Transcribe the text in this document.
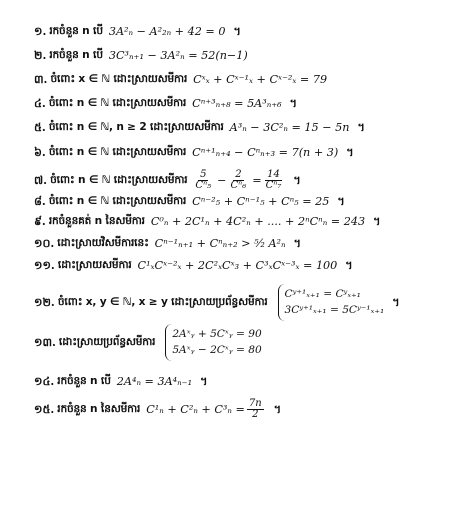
១. រកចំនួន n បើ 3A²ₙ − A²₂ₙ + 42 = 0 ។
២. រកចំនួន n បើ 3C³ₙ₊₁ − 3A²ₙ = 52(n−1)
៣. ចំពោះ x ∈ ℕ ដោះស្រាយសមីការ Cˣₓ + Cˣ⁻¹ₓ + Cˣ⁻²ₓ = 79
៤. ចំពោះ n ∈ ℕ ដោះស្រាយសមីការ Cⁿ⁺³ₙ₊₈ = 5A³ₙ₊₆ ។
៥. ចំពោះ n ∈ ℕ, n ≥ 2 ដោះស្រាយសមីការ A³ₙ − 3C²ₙ = 15 − 5n ។
៦. ចំពោះ n ∈ ℕ ដោះស្រាយសមីការ Cⁿ⁺¹ₙ₊₄ − Cⁿₙ₊₃ = 7(n + 3) ។
៧. ចំពោះ n ∈ ℕ ដោះស្រាយសមីការ $\frac{5}{\text{Cⁿ₅}} - \frac{2}{\text{Cⁿ₆}} = \frac{14}{\text{Cⁿ₇}}$ ។
៨. ចំពោះ n ∈ ℕ ដោះស្រាយសមីការ Cⁿ⁻²₅ + Cⁿ⁻¹₅ + Cⁿ₅ = 25 ។
៩. រកចំនួនគត់ n នៃសមីការ C⁰ₙ + 2C¹ₙ + 4C²ₙ + .... + 2ⁿCⁿₙ = 243 ។
១០. ដោះស្រាយវិសមីការនេះ Cⁿ⁻¹ₙ₊₁ + Cⁿₙ₊₂ > ⁵⁄₂ A²ₙ ។
១១. ដោះស្រាយសមីការ C¹ₓCˣ⁻²ₓ + 2C²ₓCˣ₃ + C³ₓCˣ⁻³ₓ = 100 ។
១២. ចំពោះ x, y ∈ ℕ, x ≥ y ដោះស្រាយប្រព័ន្ធសមីការ
Cʸ⁺¹ₓ₊₁ = Cʸₓ₊₁
3Cʸ⁺¹ₓ₊₁ = 5Cʸ⁻¹ₓ₊₁
។
១៣. ដោះស្រាយប្រព័ន្ធសមីការ
2Aˣᵧ + 5Cˣᵧ = 90
5Aˣᵧ − 2Cˣᵧ = 80
១៤. រកចំនួន n បើ 2A⁴ₙ = 3A⁴ₙ₋₁ ។
១៥. រកចំនួន n នៃសមីការ $C^1_n + C^2_n + C^3_n = \frac{7n}{2}$ ។
